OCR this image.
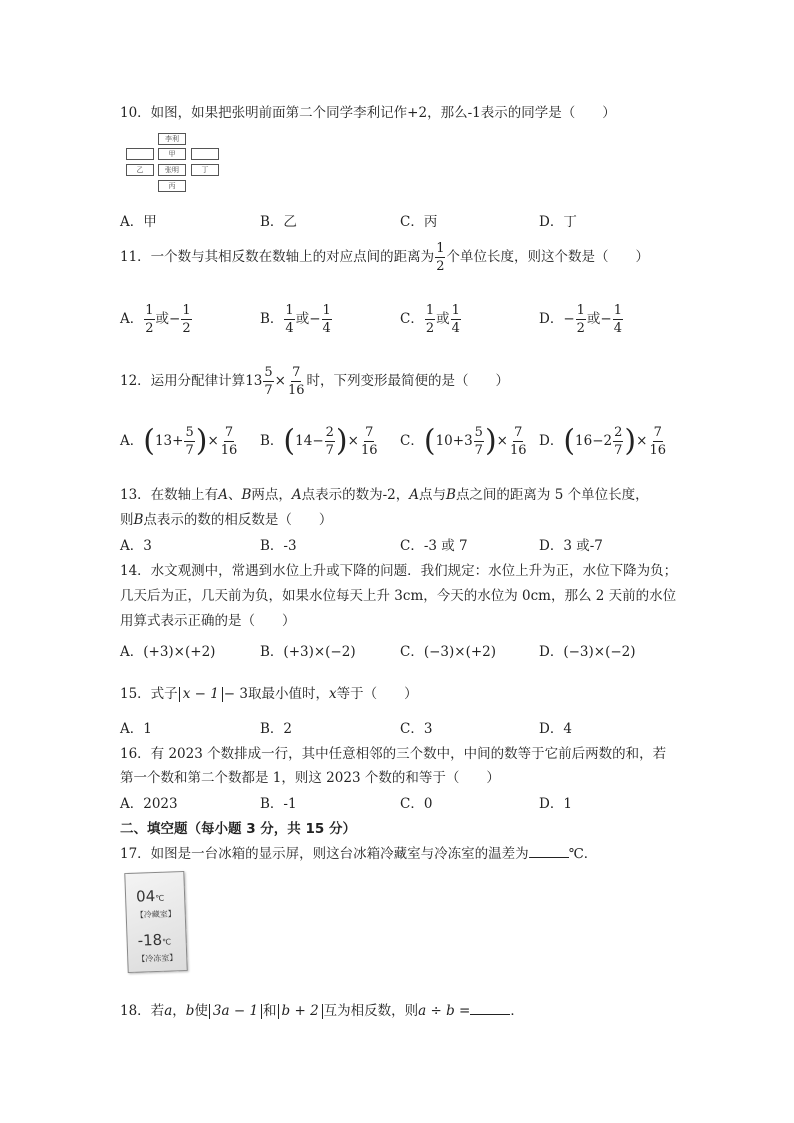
10．如图，如果把张明前面第二个同学李利记作+2，那么-1表示的同学是（　　）
李利
甲
乙	张明	丁
丙
A．甲	B．乙	C．丙	D．丁
11．一个数与其相反数在数轴上的对应点间的距离为 $\frac{1}{2}$ 个单位长度，则这个数是（　　）
A． $\frac{1}{2}$ 或− $\frac{1}{2}$	B． $\frac{1}{4}$ 或− $\frac{1}{4}$	C． $\frac{1}{2}$ 或 $\frac{1}{4}$	D．− $\frac{1}{2}$ 或− $\frac{1}{4}$
12．运用分配律计算$13 \frac{5}{7} \times \frac{7}{16}$ 时，下列变形最简便的是（　　）
A．($13+ \frac{5}{7}$ )× $\frac{7}{16}$ B．($14- \frac{2}{7}$ )× $\frac{7}{16}$ C．($10+3 \frac{5}{7}$ )× $\frac{7}{16}$ D．($16-2 \frac{2}{7}$ )× $\frac{7}{16}$
13．在数轴上有A、B两点，A点表示的数为-2，A点与B点之间的距离为 5 个单位长度，
则B点表示的数的相反数是（　　）
A．3	B．-3	C．-3 或 7	D．3 或-7
14．水文观测中，常遇到水位上升或下降的问题．我们规定：水位上升为正，水位下降为负；
几天后为正，几天前为负，如果水位每天上升 3cm，今天的水位为 0cm，那么 2 天前的水位
用算式表示正确的是（　　）
A．(+3)×(+2)	B．(+3)×(−2)	C．(−3)×(+2)	D．(−3)×(−2)
15．式子 x − 1 − 3取最小值时，x等于（　　）
A．1	B．2	C．3	D．4
16．有 2023 个数排成一行，其中任意相邻的三个数中，中间的数等于它前后两数的和，若
第一个数和第二个数都是 1，则这 2023 个数的和等于（　　）
A．2023	B．-1	C．0	D．1
二、填空题（每小题 3 分，共 15 分）
17．如图是一台冰箱的显示屏，则这台冰箱冷藏室与冷冻室的温差为	℃．
04℃
【冷藏室】
-18℃
【冷冻室】
18．若a，b使 3a − 1 和 b + 2 互为相反数，则a ÷ b =	．
